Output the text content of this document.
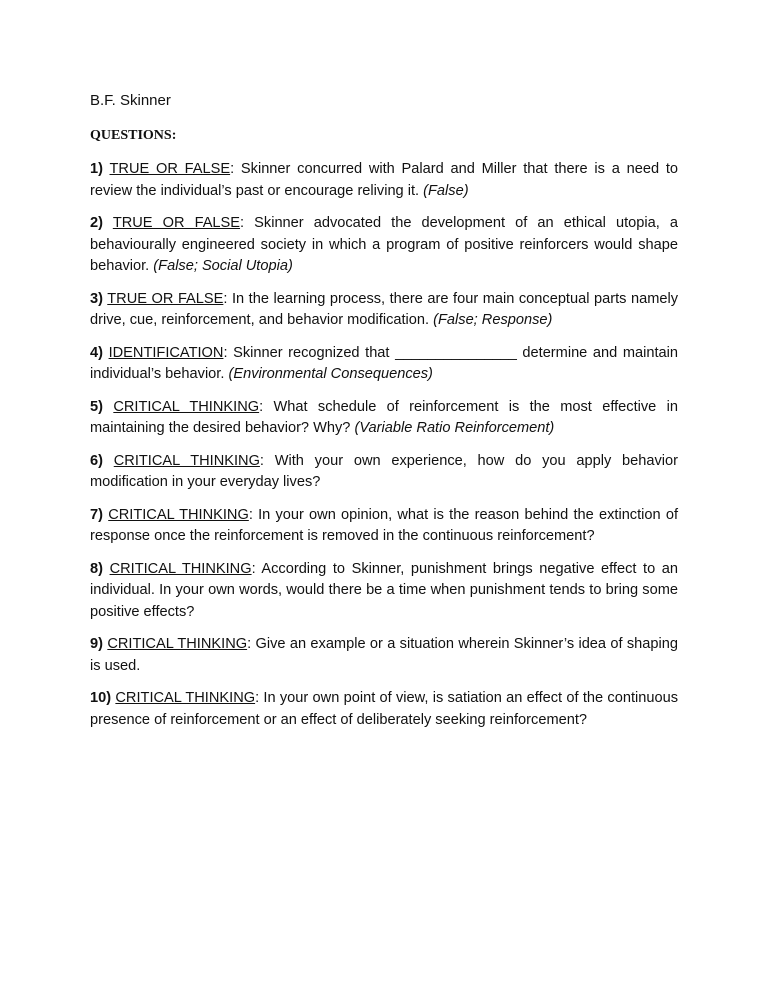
B.F. Skinner
QUESTIONS:

1) TRUE OR FALSE: Skinner concurred with Palard and Miller that there is a need to review the individual’s past or encourage reliving it. (False)

2) TRUE OR FALSE: Skinner advocated the development of an ethical utopia, a behaviourally engineered society in which a program of positive reinforcers would shape behavior. (False; Social Utopia)

3) TRUE OR FALSE: In the learning process, there are four main conceptual parts namely drive, cue, reinforcement, and behavior modification. (False; Response)

4) IDENTIFICATION: Skinner recognized that _______________ determine and maintain individual’s behavior. (Environmental Consequences)

5) CRITICAL THINKING: What schedule of reinforcement is the most effective in maintaining the desired behavior? Why? (Variable Ratio Reinforcement)

6) CRITICAL THINKING: With your own experience, how do you apply behavior modification in your everyday lives?

7) CRITICAL THINKING: In your own opinion, what is the reason behind the extinction of response once the reinforcement is removed in the continuous reinforcement?

8) CRITICAL THINKING: According to Skinner, punishment brings negative effect to an individual. In your own words, would there be a time when punishment tends to bring some positive effects?

9) CRITICAL THINKING: Give an example or a situation wherein Skinner’s idea of shaping is used.

10) CRITICAL THINKING: In your own point of view, is satiation an effect of the continuous presence of reinforcement or an effect of deliberately seeking reinforcement?
